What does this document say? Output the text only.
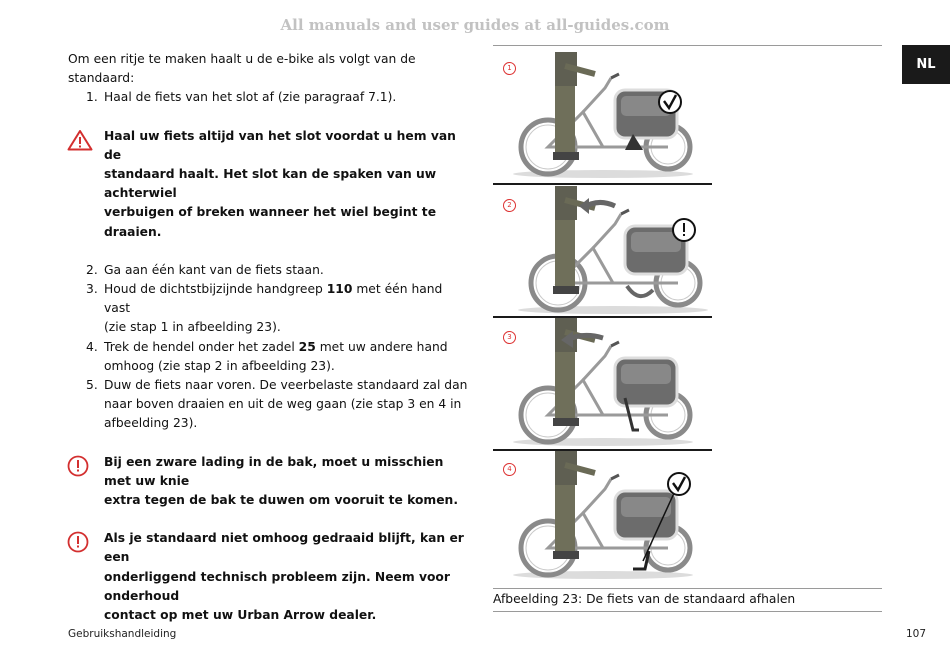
All manuals and user guides at all-guides.com
NL

Om een ritje te maken haalt u de e-bike als volgt van de standaard:

1. Haal de fiets van het slot af (zie paragraaf 7.1).
Haal uw fiets altijd van het slot voordat u hem van de
standaard haalt. Het slot kan de spaken van uw achterwiel
verbuigen of breken wanneer het wiel begint te draaien.
2. Ga aan één kant van de fiets staan.
3. Houd de dichtstbijzijnde handgreep 110 met één hand vast
(zie stap 1 in afbeelding 23).
4. Trek de hendel onder het zadel 25 met uw andere hand
omhoog (zie stap 2 in afbeelding 23).
5. Duw de fiets naar voren. De veerbelaste standaard zal dan
naar boven draaien en uit de weg gaan (zie stap 3 en 4 in
afbeelding 23).
Bij een zware lading in de bak, moet u misschien met uw knie
extra tegen de bak te duwen om vooruit te komen.
Als je standaard niet omhoog gedraaid blijft, kan er een
onderliggend technisch probleem zijn. Neem voor onderhoud
contact op met uw Urban Arrow dealer.
1
2
3
4
Afbeelding 23: De fiets van de standaard afhalen
Gebruikshandleiding	107
